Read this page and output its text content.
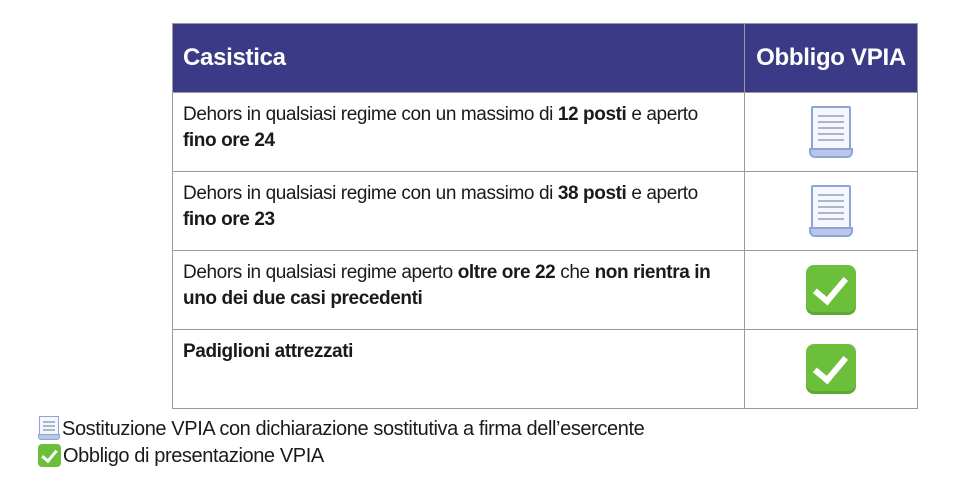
Casistica	Obbligo VPIA

Dehors in qualsiasi regime con un massimo di 12 posti e aperto fino ore 24	

Dehors in qualsiasi regime con un massimo di 38 posti e aperto fino ore 23	

Dehors in qualsiasi regime aperto oltre ore 22 che non rientra in uno dei due casi precedenti	

Padiglioni attrezzati	

Sostituzione VPIA con dichiarazione sostitutiva a firma dell’esercente
Obbligo di presentazione VPIA
